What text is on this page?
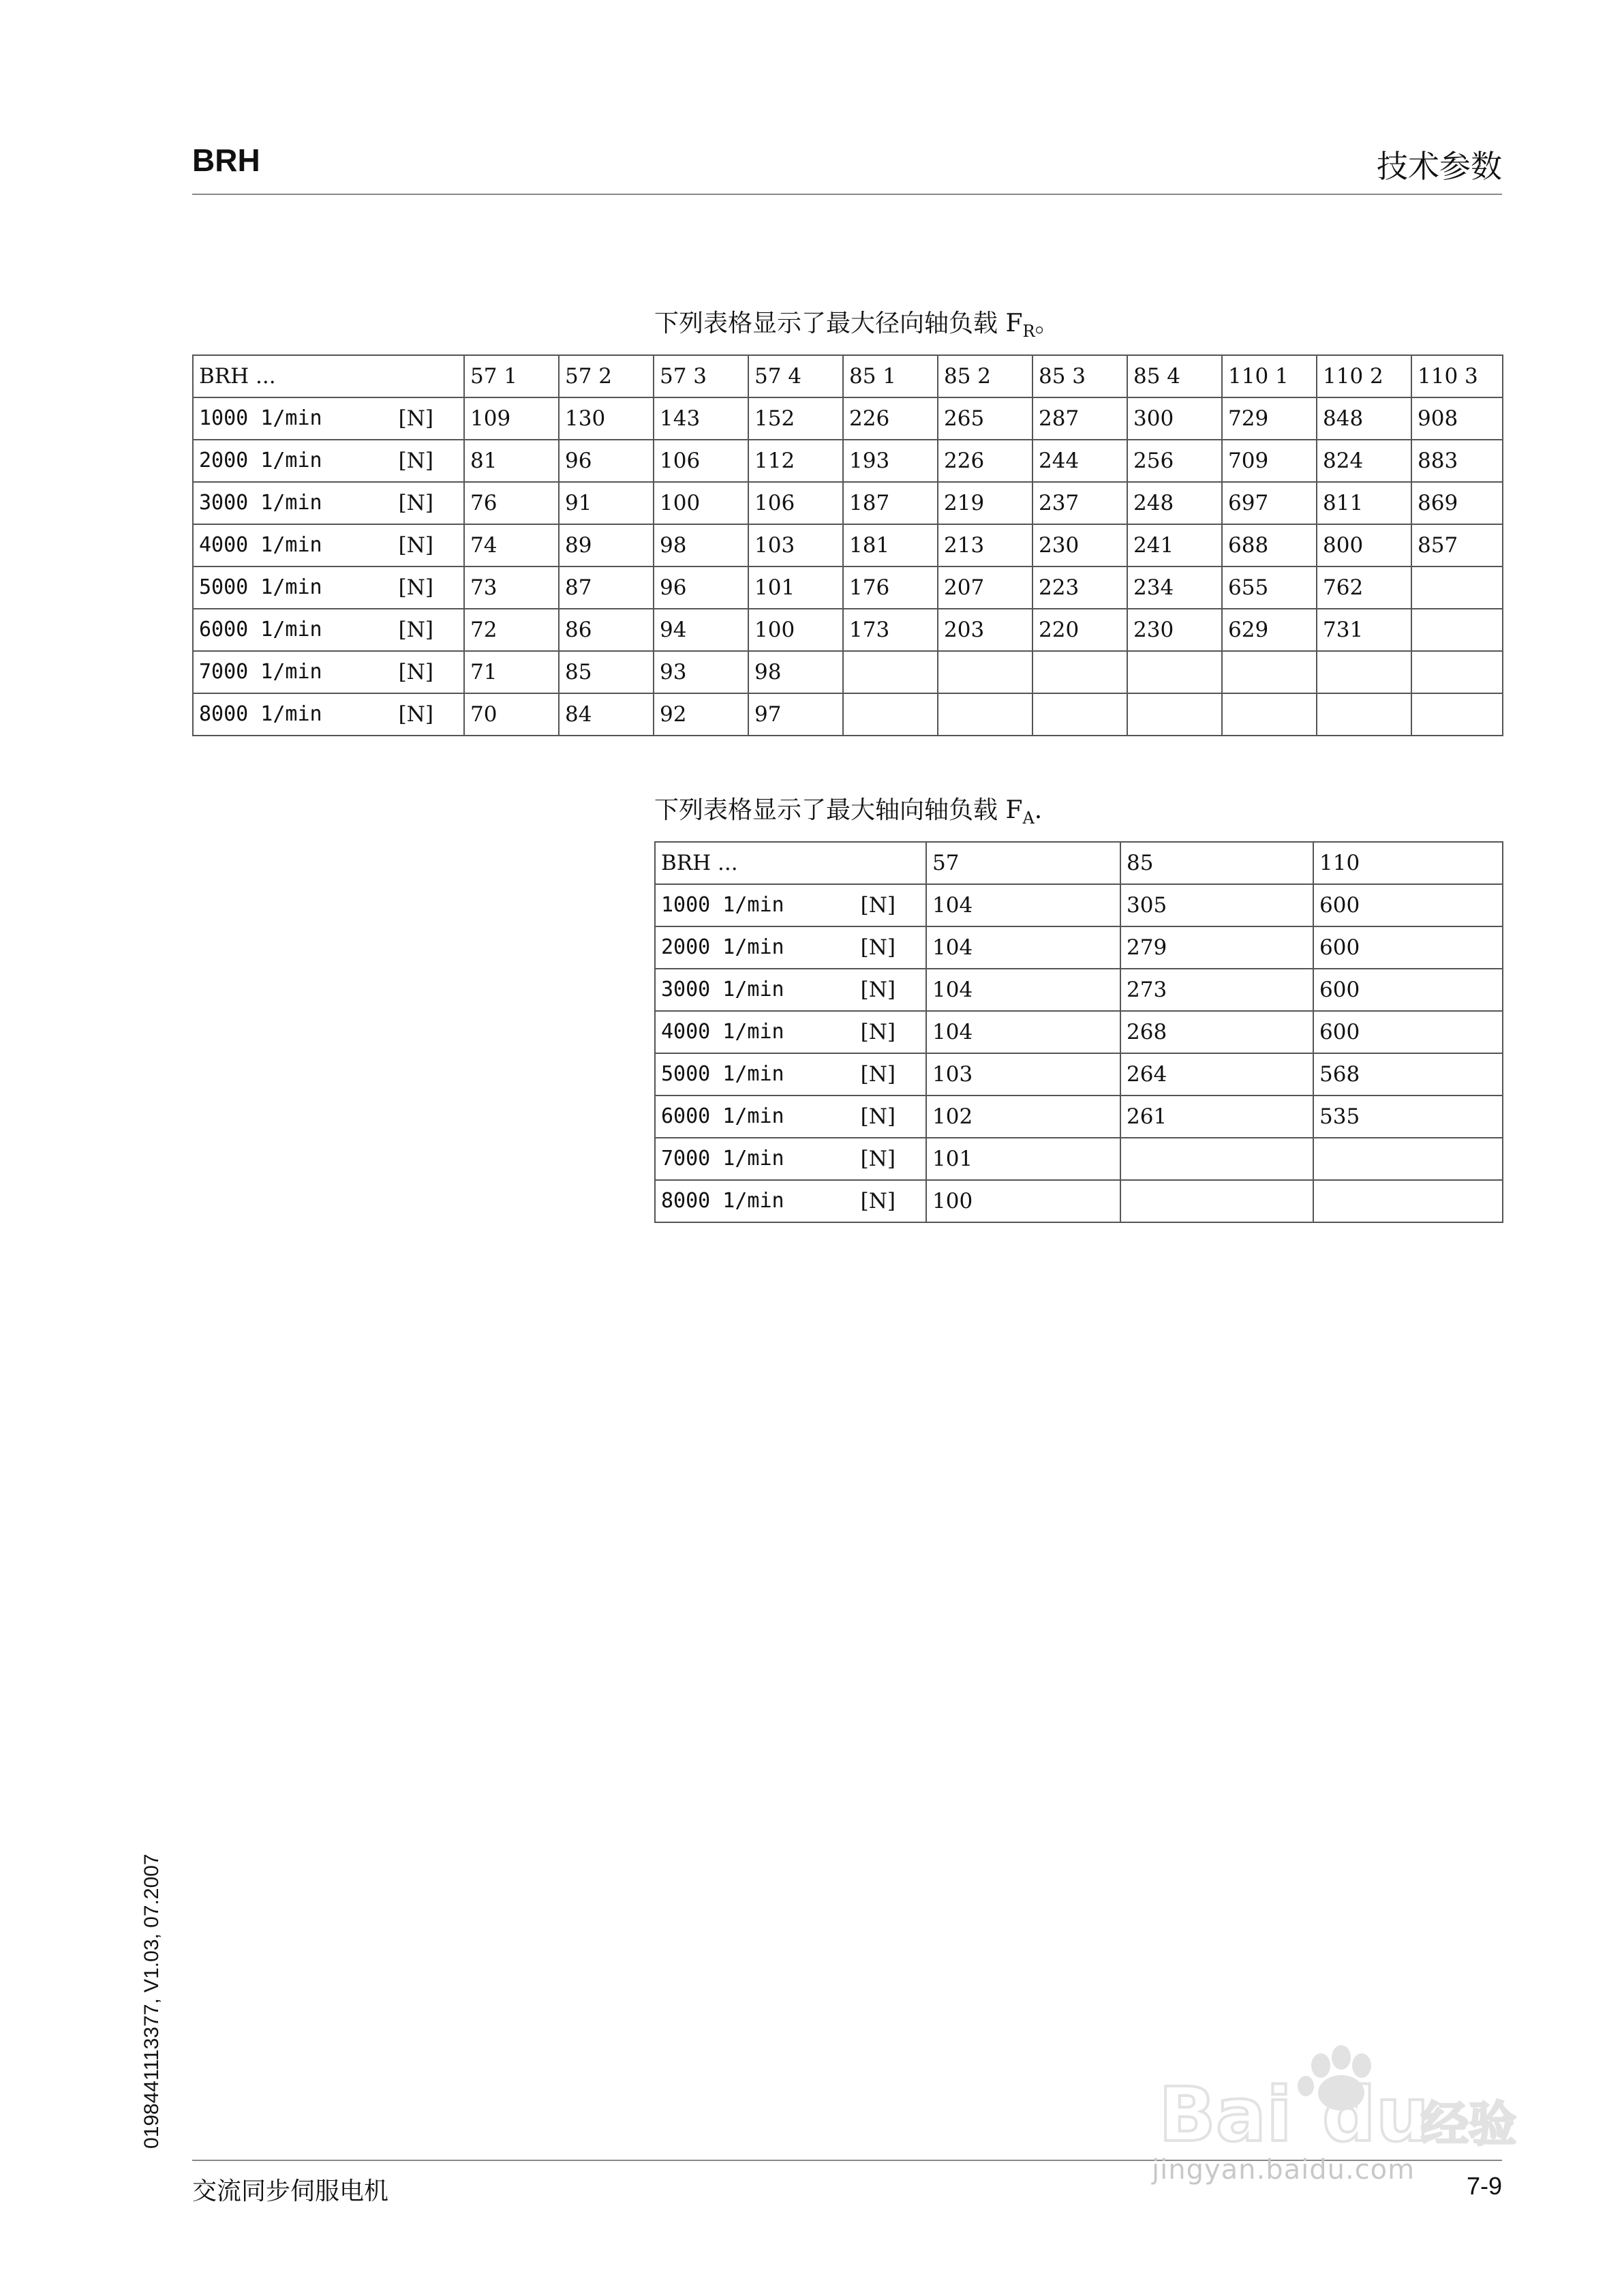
BRH	技术参数
下列表格显示了最大径向轴负载 $F_R$。
BRH ...	57 1	57 2	57 3	57 4	85 1	85 2	85 3	85 4	110 1	110 2	110 3

1000 1/min [N]	109	130	143	152	226	265	287	300	729	848	908

2000 1/min [N]	81	96	106	112	193	226	244	256	709	824	883

3000 1/min [N]	76	91	100	106	187	219	237	248	697	811	869

4000 1/min [N]	74	89	98	103	181	213	230	241	688	800	857

5000 1/min [N]	73	87	96	101	176	207	223	234	655	762	

6000 1/min [N]	72	86	94	100	173	203	220	230	629	731	

7000 1/min [N]	71	85	93	98							

8000 1/min [N]	70	84	92	97							
下列表格显示了最大轴向轴负载 $F_A$.
BRH ...	57	85	110

1000 1/min [N]	104	305	600

2000 1/min [N]	104	279	600

3000 1/min [N]	104	273	600

4000 1/min [N]	104	268	600

5000 1/min [N]	103	264	568

6000 1/min [N]	102	261	535

7000 1/min [N]	101		

8000 1/min [N]	100		
0198441113377, V1.03, 07.2007
交流同步伺服电机	7-9
Bai du
经验
jingyan.baidu.com
